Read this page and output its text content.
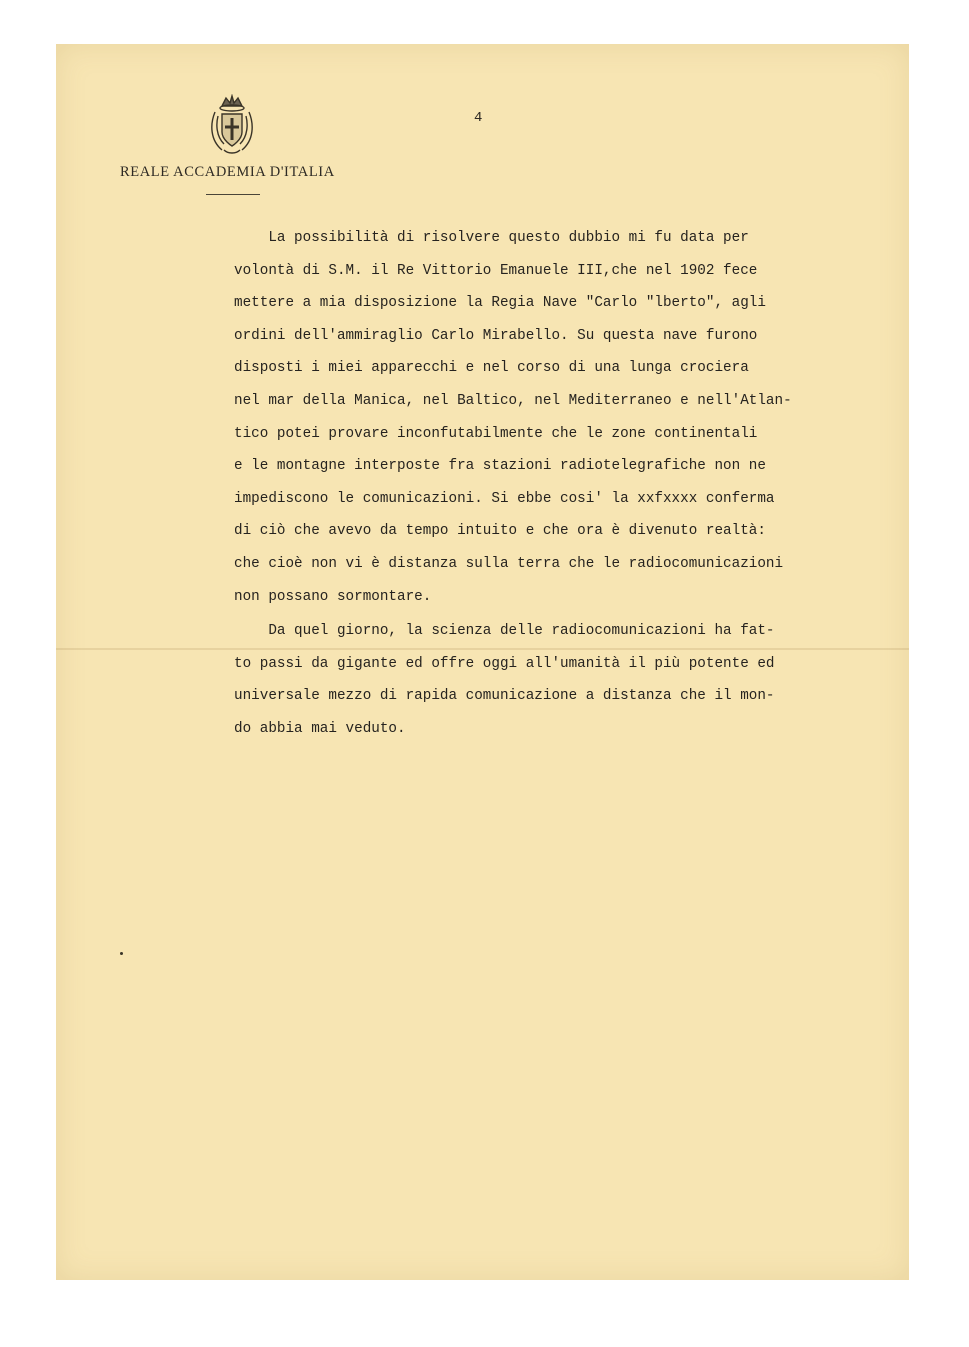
4
REALE ACCADEMIA D'ITALIA
La possibilità di risolvere questo dubbio mi fu data per
volontà di S.M. il Re Vittorio Emanuele III,che nel 1902 fece
mettere a mia disposizione la Regia Nave "Carlo "lberto", agli
ordini dell'ammiraglio Carlo Mirabello. Su questa nave furono
disposti i miei apparecchi e nel corso di una lunga crociera
nel mar della Manica, nel Baltico, nel Mediterraneo e nell'Atlan-
tico potei provare inconfutabilmente che le zone continentali
e le montagne interposte fra stazioni radiotelegrafiche non ne
impediscono le comunicazioni. Si ebbe cosi' la xxfxxxx conferma
di ciò che avevo da tempo intuito e che ora è divenuto realtà:
che cioè non vi è distanza sulla terra che le radiocomunicazioni
non possano sormontare.
Da quel giorno, la scienza delle radiocomunicazioni ha fat-
to passi da gigante ed offre oggi all'umanità il più potente ed
universale mezzo di rapida comunicazione a distanza che il mon-
do abbia mai veduto.
